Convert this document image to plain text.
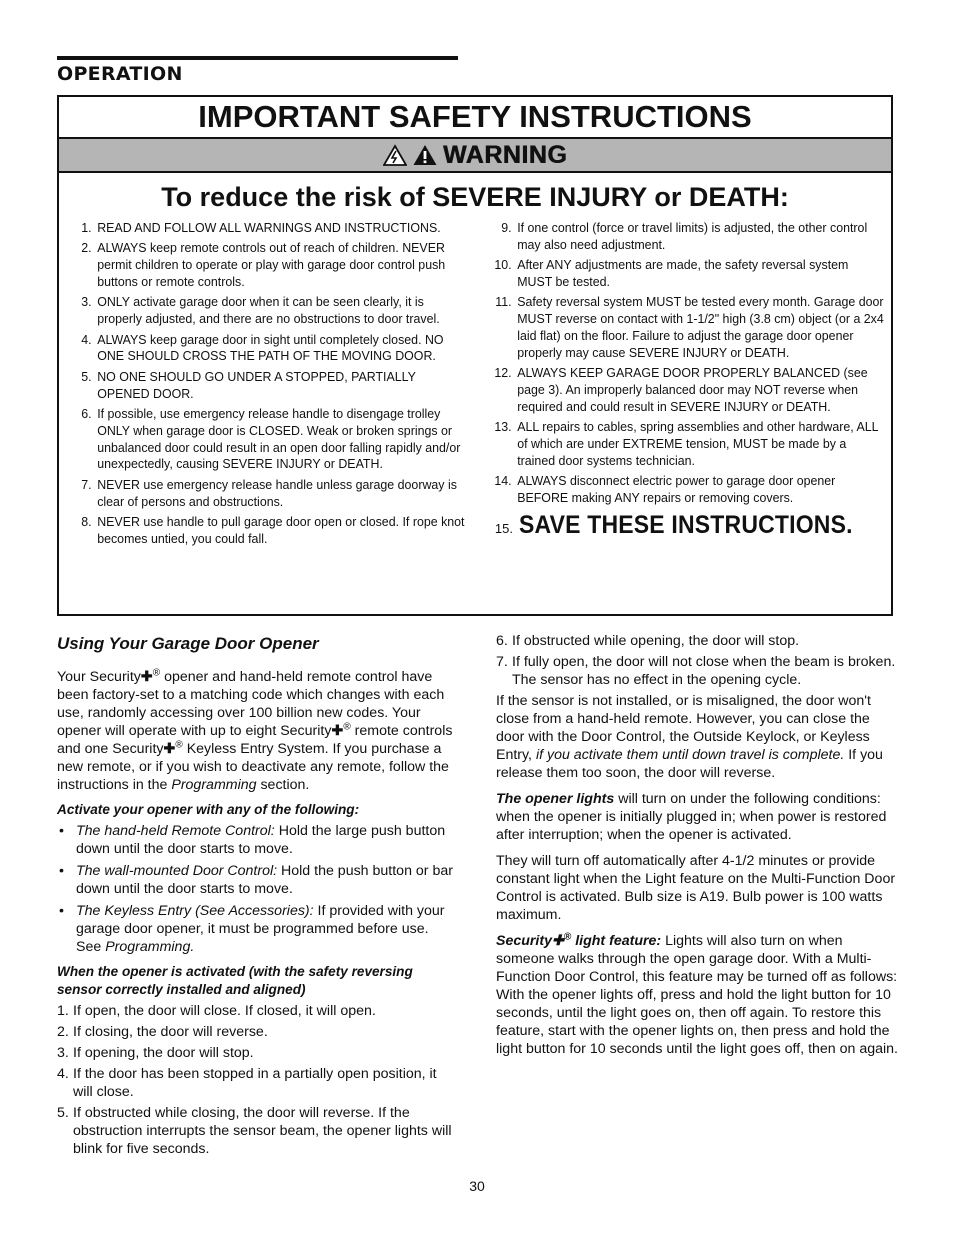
OPERATION
IMPORTANT SAFETY INSTRUCTIONS
WARNING
To reduce the risk of SEVERE INJURY or DEATH:
1. READ AND FOLLOW ALL WARNINGS AND INSTRUCTIONS.
2. ALWAYS keep remote controls out of reach of children. NEVER permit children to operate or play with garage door control push buttons or remote controls.
3. ONLY activate garage door when it can be seen clearly, it is properly adjusted, and there are no obstructions to door travel.
4. ALWAYS keep garage door in sight until completely closed. NO ONE SHOULD CROSS THE PATH OF THE MOVING DOOR.
5. NO ONE SHOULD GO UNDER A STOPPED, PARTIALLY OPENED DOOR.
6. If possible, use emergency release handle to disengage trolley ONLY when garage door is CLOSED. Weak or broken springs or unbalanced door could result in an open door falling rapidly and/or unexpectedly, causing SEVERE INJURY or DEATH.
7. NEVER use emergency release handle unless garage doorway is clear of persons and obstructions.
8. NEVER use handle to pull garage door open or closed. If rope knot becomes untied, you could fall.
9. If one control (force or travel limits) is adjusted, the other control may also need adjustment.
10. After ANY adjustments are made, the safety reversal system MUST be tested.
11. Safety reversal system MUST be tested every month. Garage door MUST reverse on contact with 1-1/2" high (3.8 cm) object (or a 2x4 laid flat) on the floor. Failure to adjust the garage door opener properly may cause SEVERE INJURY or DEATH.
12. ALWAYS KEEP GARAGE DOOR PROPERLY BALANCED (see page 3). An improperly balanced door may NOT reverse when required and could result in SEVERE INJURY or DEATH.
13. ALL repairs to cables, spring assemblies and other hardware, ALL of which are under EXTREME tension, MUST be made by a trained door systems technician.
14. ALWAYS disconnect electric power to garage door opener BEFORE making ANY repairs or removing covers.
15. SAVE THESE INSTRUCTIONS.
Using Your Garage Door Opener

Your Security✚® opener and hand-held remote control have been factory-set to a matching code which changes with each use, randomly accessing over 100 billion new codes. Your opener will operate with up to eight Security✚® remote controls and one Security✚® Keyless Entry System. If you purchase a new remote, or if you wish to deactivate any remote, follow the instructions in the Programming section.

Activate your opener with any of the following:
• The hand-held Remote Control: Hold the large push button down until the door starts to move.
• The wall-mounted Door Control: Hold the push button or bar down until the door starts to move.
• The Keyless Entry (See Accessories): If provided with your garage door opener, it must be programmed before use. See Programming.
When the opener is activated (with the safety reversing sensor correctly installed and aligned)
1. If open, the door will close. If closed, it will open.
2. If closing, the door will reverse.
3. If opening, the door will stop.
4. If the door has been stopped in a partially open position, it will close.
5. If obstructed while closing, the door will reverse. If the obstruction interrupts the sensor beam, the opener lights will blink for five seconds.
6. If obstructed while opening, the door will stop.
7. If fully open, the door will not close when the beam is broken. The sensor has no effect in the opening cycle.

If the sensor is not installed, or is misaligned, the door won't close from a hand-held remote. However, you can close the door with the Door Control, the Outside Keylock, or Keyless Entry, if you activate them until down travel is complete. If you release them too soon, the door will reverse.

The opener lights will turn on under the following conditions: when the opener is initially plugged in; when power is restored after interruption; when the opener is activated.

They will turn off automatically after 4-1/2 minutes or provide constant light when the Light feature on the Multi-Function Door Control is activated. Bulb size is A19. Bulb power is 100 watts maximum.

Security✚® light feature: Lights will also turn on when someone walks through the open garage door. With a Multi-Function Door Control, this feature may be turned off as follows: With the opener lights off, press and hold the light button for 10 seconds, until the light goes on, then off again. To restore this feature, start with the opener lights on, then press and hold the light button for 10 seconds until the light goes off, then on again.

30
